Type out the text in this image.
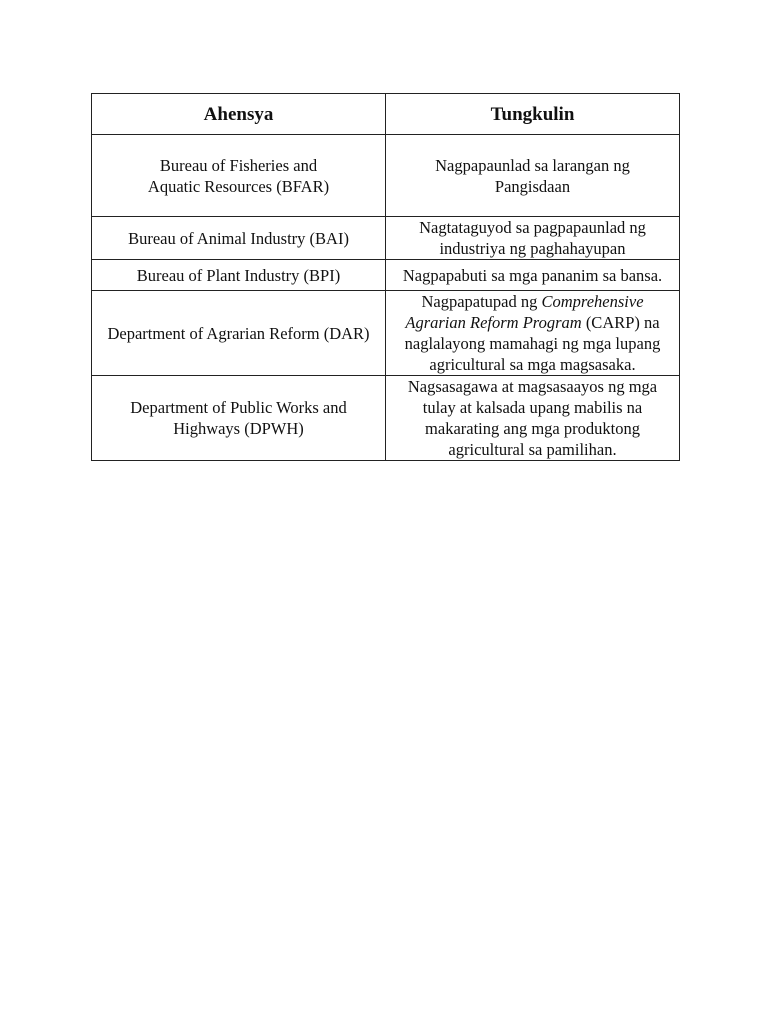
Ahensya	Tungkulin

Bureau of Fisheries and Aquatic Resources (BFAR)	Nagpapaunlad sa larangan ng Pangisdaan

Bureau of Animal Industry (BAI)	Nagtataguyod sa pagpapaunlad ng industriya ng paghahayupan

Bureau of Plant Industry (BPI)	Nagpapabuti sa mga pananim sa bansa.
Department of Agrarian Reform (DAR)	Nagpapatupad ng Comprehensive Agrarian Reform Program (CARP) na naglalayong mamahagi ng mga lupang agricultural sa mga magsasaka.

Department of Public Works and Highways (DPWH)	Nagsasagawa at magsasaayos ng mga tulay at kalsada upang mabilis na makarating ang mga produktong agricultural sa pamilihan.
